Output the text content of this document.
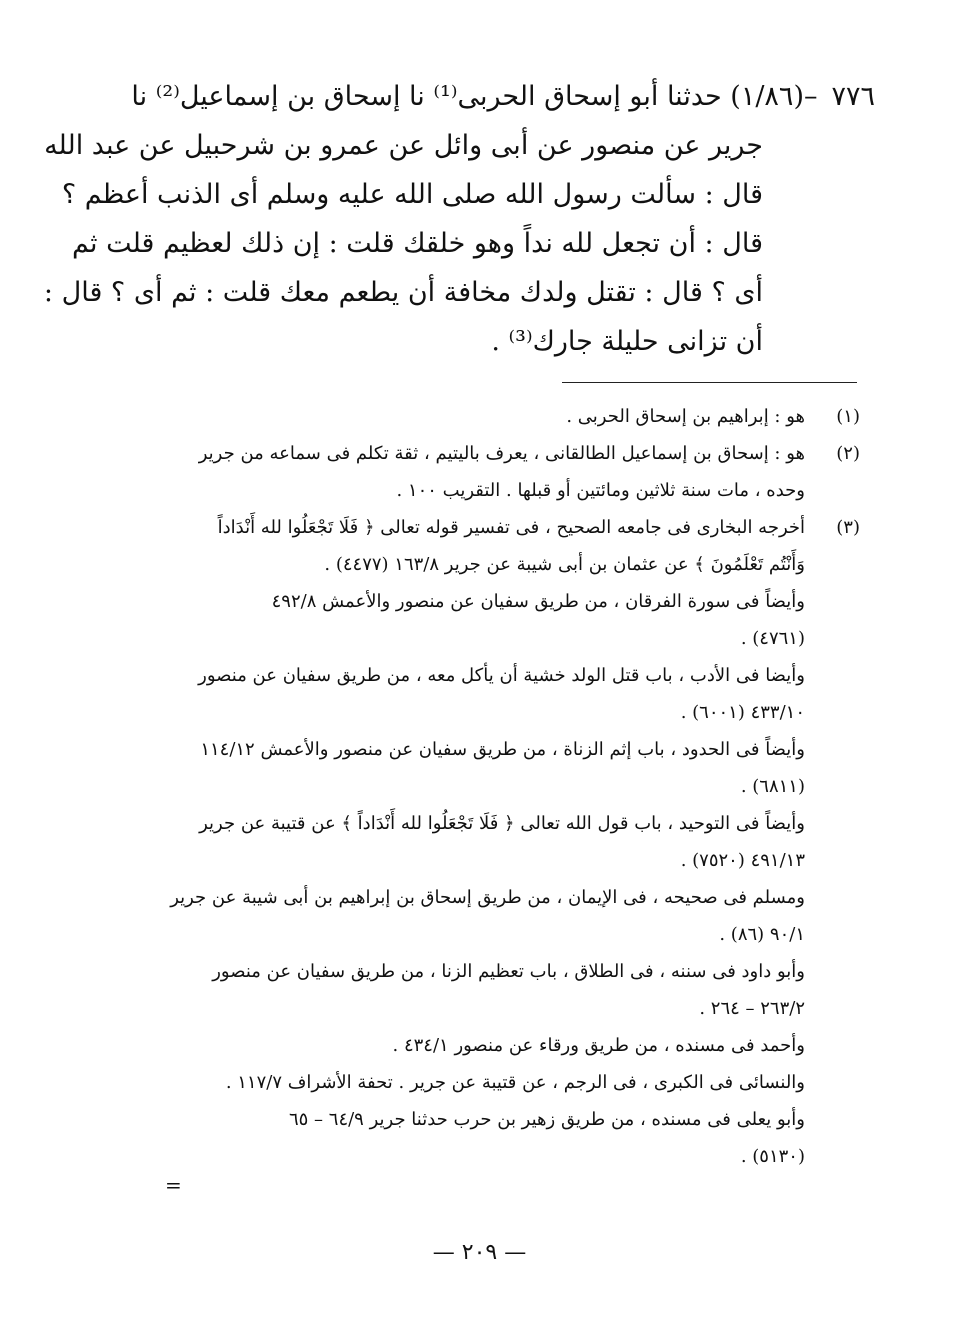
٧٧٦–(١/٨٦) حدثنا أبو إسحاق الحربى⁽¹⁾ نا إسحاق بن إسماعيل⁽²⁾ نا
جرير عن منصور عن أبى وائل عن عمرو بن شرحبيل عن عبد الله
قال : سألت رسول الله صلى الله عليه وسلم أى الذنب أعظم ؟
قال : أن تجعل لله نداً وهو خلقك قلت : إن ذلك لعظيم قلت ثم
أى ؟ قال : تقتل ولدك مخافة أن يطعم معك قلت : ثم أى ؟ قال :
أن تزانى حليلة جارك⁽³⁾ .
(١)
هو : إبراهيم بن إسحاق الحربى .
(٢)
هو : إسحاق بن إسماعيل الطالقانى ، يعرف باليتيم ، ثقة تكلم فى سماعه من جرير
وحده ، مات سنة ثلاثين ومائتين أو قبلها . التقريب ١٠٠ .
(٣)
أخرجه البخارى فى جامعه الصحيح ، فى تفسير قوله تعالى ﴿ فَلَا تَجْعَلُوا لله أَنْدَاداً
وَأَنْتُم تَعْلَمُونَ ﴾ عن عثمان بن أبى شيبة عن جرير ١٦٣/٨ (٤٤٧٧) .
وأيضاً فى سورة الفرقان ، من طريق سفيان عن منصور والأعمش ٤٩٢/٨
(٤٧٦١) .
وأيضا فى الأدب ، باب قتل الولد خشية أن يأكل معه ، من طريق سفيان عن منصور
٤٣٣/١٠ (٦٠٠١) .
وأيضاً فى الحدود ، باب إثم الزناة ، من طريق سفيان عن منصور والأعمش ١١٤/١٢
(٦٨١١) .
وأيضاً فى التوحيد ، باب قول الله تعالى ﴿ فَلَا تَجْعَلُوا لله أَنْدَاداً ﴾ عن قتيبة عن جرير
٤٩١/١٣ (٧٥٢٠) .
ومسلم فى صحيحه ، فى الإيمان ، من طريق إسحاق بن إبراهيم بن أبى شيبة عن جرير
٩٠/١ (٨٦) .
وأبو داود فى سننه ، فى الطلاق ، باب تعظيم الزنا ، من طريق سفيان عن منصور
٢٦٣/٢ – ٢٦٤ .
وأحمد فى مسنده ، من طريق ورقاء عن منصور ٤٣٤/١ .
والنسائى فى الكبرى ، فى الرجم ، عن قتيبة عن جرير . تحفة الأشراف ١١٧/٧ .
وأبو يعلى فى مسنده ، من طريق زهير بن حرب حدثنا جرير ٦٤/٩ – ٦٥
(٥١٣٠) .
=
— ٢٠٩ —
